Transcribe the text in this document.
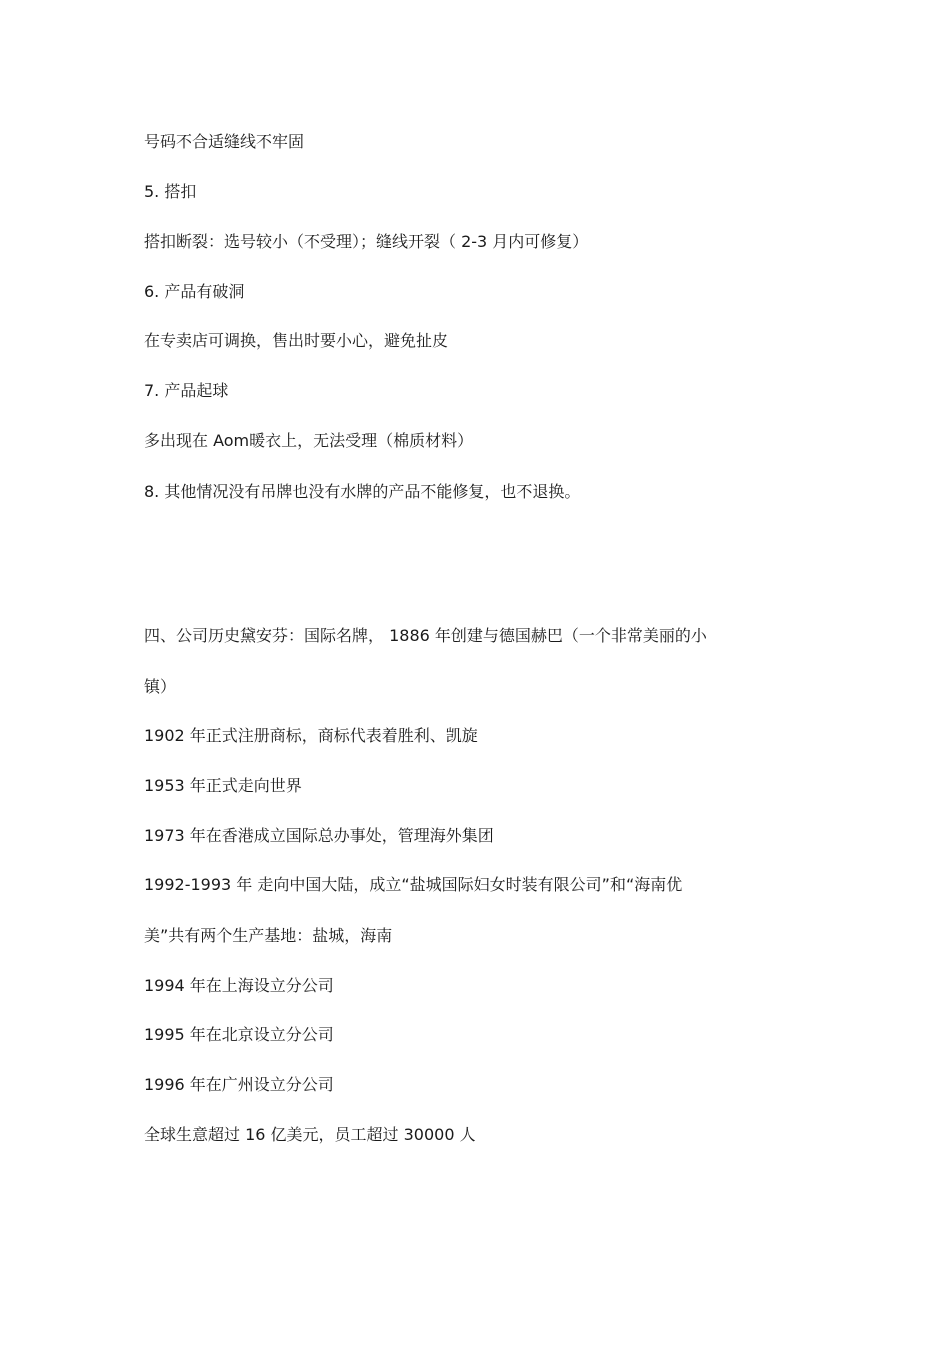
号码不合适缝线不牢固
5. 搭扣
搭扣断裂：选号较小（不受理）；缝线开裂（ 2-3 月内可修复）
6. 产品有破洞
在专卖店可调换，售出时要小心，避免扯皮
7. 产品起球
多出现在 Aom暖衣上，无法受理（棉质材料）
8. 其他情况没有吊牌也没有水牌的产品不能修复，也不退换。
四、公司历史黛安芬：国际名牌， 1886 年创建与德国赫巴（一个非常美丽的小
镇）
1902 年正式注册商标，商标代表着胜利、凯旋
1953 年正式走向世界
1973 年在香港成立国际总办事处，管理海外集团
1992-1993 年 走向中国大陆，成立“盐城国际妇女时装有限公司”和“海南优
美”共有两个生产基地：盐城，海南
1994 年在上海设立分公司
1995 年在北京设立分公司
1996 年在广州设立分公司
全球生意超过 16 亿美元，员工超过 30000 人
